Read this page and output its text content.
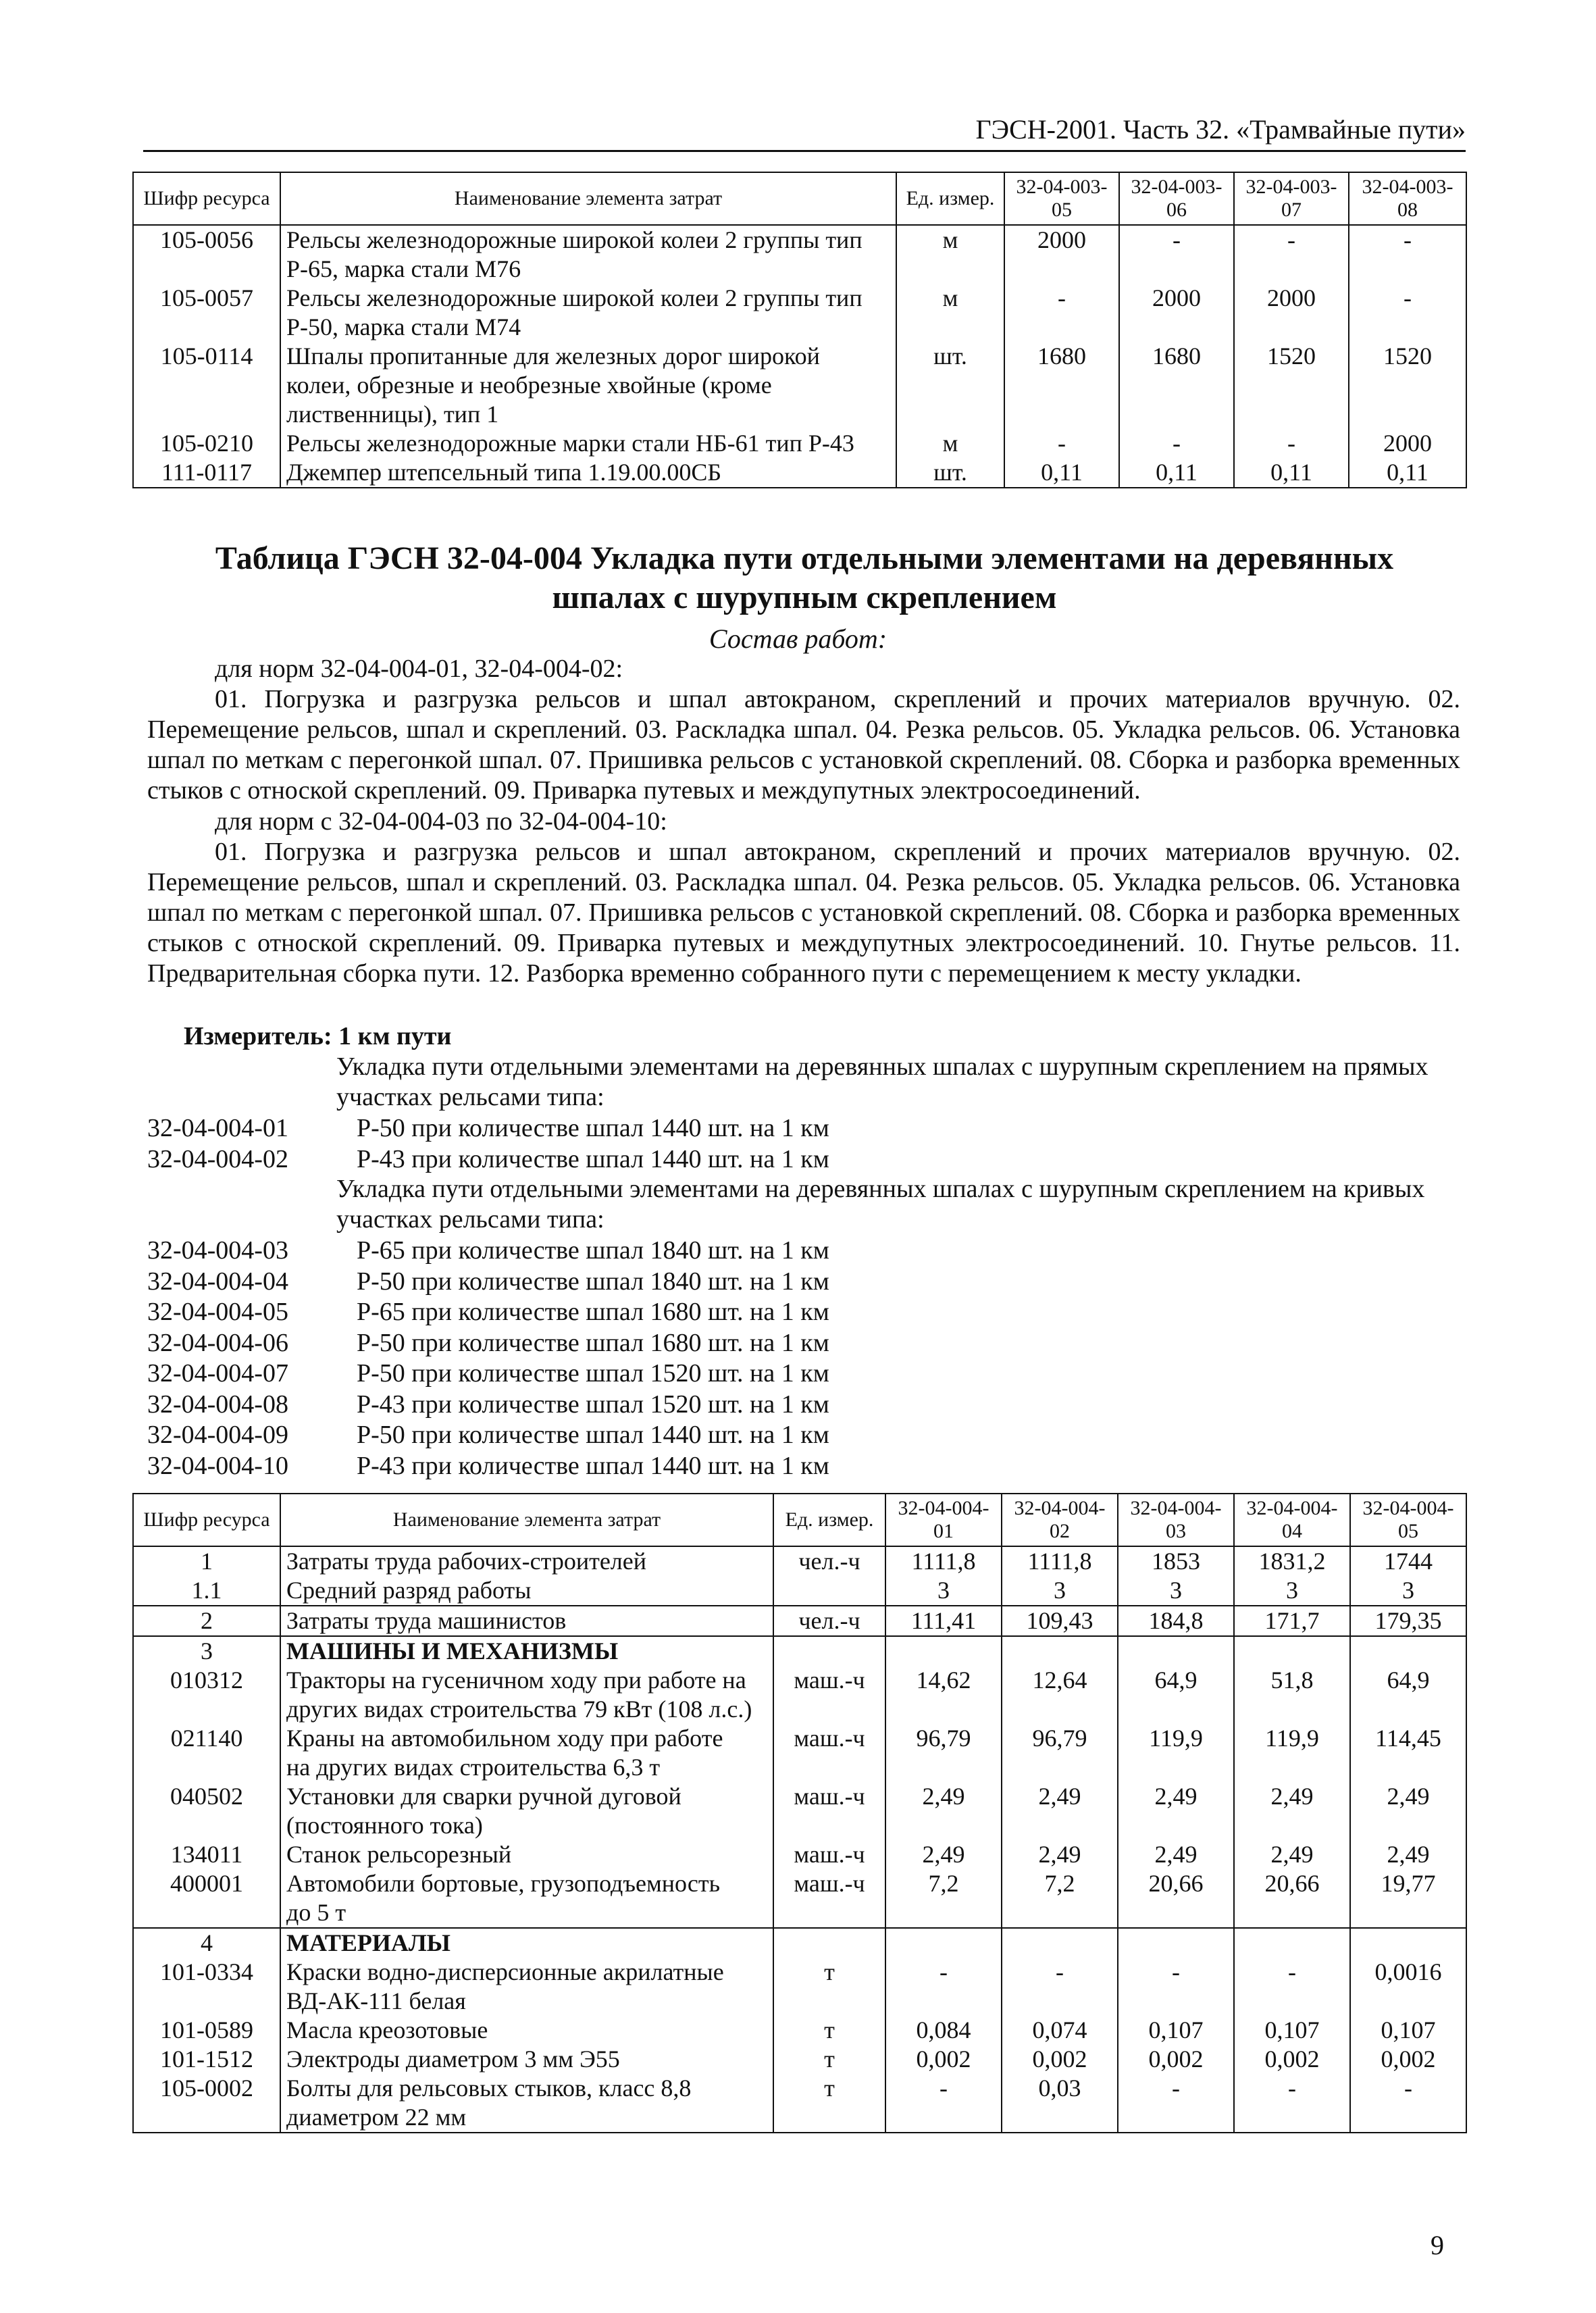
ГЭСН-2001. Часть 32. «Трамвайные пути»
Шифр ресурса	Наименование элемента затрат	Ед. измер.	32-04-003-05	32-04-003-06	32-04-003-07	32-04-003-08
105-0056	Рельсы железнодорожные широкой колеи 2 группы тип
Р-65, марка стали М76	м	2000	-	-	-
105-0057	Рельсы железнодорожные широкой колеи 2 группы тип
Р-50, марка стали М74	м	-	2000	2000	-
105-0114	Шпалы пропитанные для железных дорог широкой
колеи, обрезные и необрезные хвойные (кроме
лиственницы), тип 1	шт.	1680	1680	1520	1520
105-0210	Рельсы железнодорожные марки стали НБ-61 тип Р-43	м	-	-	-	2000
111-0117	Джемпер штепсельный типа 1.19.00.00СБ	шт.	0,11	0,11	0,11	0,11
Таблица ГЭСН 32-04-004 Укладка пути отдельными элементами на деревянных
шпалах с шурупным скреплением
Состав работ:
для норм 32-04-004-01, 32-04-004-02:
01. Погрузка и разгрузка рельсов и шпал автокраном, скреплений и прочих материалов вручную. 02. Перемещение рельсов, шпал и скреплений. 03. Раскладка шпал. 04. Резка рельсов. 05. Укладка рельсов. 06. Установка шпал по меткам с перегонкой шпал. 07. Пришивка рельсов с установкой скреплений. 08. Сборка и разборка временных стыков с отноской скреплений. 09. Приварка путевых и междупутных электросоединений.
для норм с 32-04-004-03 по 32-04-004-10:
01. Погрузка и разгрузка рельсов и шпал автокраном, скреплений и прочих материалов вручную. 02. Перемещение рельсов, шпал и скреплений. 03. Раскладка шпал. 04. Резка рельсов. 05. Укладка рельсов. 06. Установка шпал по меткам с перегонкой шпал. 07. Пришивка рельсов с установкой скреплений. 08. Сборка и разборка временных стыков с отноской скреплений. 09. Приварка путевых и междупутных электросоединений. 10. Гнутье рельсов. 11. Предварительная сборка пути. 12. Разборка временно собранного пути с перемещением к месту укладки.
Измеритель: 1 км пути
Укладка пути отдельными элементами на деревянных шпалах с шурупным скреплением на прямых участках рельсами типа:
32-04-004-01	Р-50 при количестве шпал 1440 шт. на 1 км
32-04-004-02	Р-43 при количестве шпал 1440 шт. на 1 км
Укладка пути отдельными элементами на деревянных шпалах с шурупным скреплением на кривых участках рельсами типа:
32-04-004-03	Р-65 при количестве шпал 1840 шт. на 1 км
32-04-004-04	Р-50 при количестве шпал 1840 шт. на 1 км
32-04-004-05	Р-65 при количестве шпал 1680 шт. на 1 км
32-04-004-06	Р-50 при количестве шпал 1680 шт. на 1 км
32-04-004-07	Р-50 при количестве шпал 1520 шт. на 1 км
32-04-004-08	Р-43 при количестве шпал 1520 шт. на 1 км
32-04-004-09	Р-50 при количестве шпал 1440 шт. на 1 км
32-04-004-10	Р-43 при количестве шпал 1440 шт. на 1 км
Шифр ресурса	Наименование элемента затрат	Ед. измер.	32-04-004-01	32-04-004-02	32-04-004-03	32-04-004-04	32-04-004-05
1	Затраты труда рабочих-строителей	чел.-ч	1111,8	1111,8	1853	1831,2	1744
1.1	Средний разряд работы		3	3	3	3	3
2	Затраты труда машинистов	чел.-ч	111,41	109,43	184,8	171,7	179,35
3	МАШИНЫ И МЕХАНИЗМЫ						
010312	Тракторы на гусеничном ходу при работе на
других видах строительства 79 кВт (108 л.с.)	маш.-ч	14,62	12,64	64,9	51,8	64,9
021140	Краны на автомобильном ходу при работе
на других видах строительства 6,3 т	маш.-ч	96,79	96,79	119,9	119,9	114,45
040502	Установки для сварки ручной дуговой
(постоянного тока)	маш.-ч	2,49	2,49	2,49	2,49	2,49
134011	Станок рельсорезный	маш.-ч	2,49	2,49	2,49	2,49	2,49
400001	Автомобили бортовые, грузоподъемность
до 5 т	маш.-ч	7,2	7,2	20,66	20,66	19,77
4	МАТЕРИАЛЫ						
101-0334	Краски водно-дисперсионные акрилатные
ВД-АК-111 белая	т	-	-	-	-	0,0016
101-0589	Масла креозотовые	т	0,084	0,074	0,107	0,107	0,107
101-1512	Электроды диаметром 3 мм Э55	т	0,002	0,002	0,002	0,002	0,002
105-0002	Болты для рельсовых стыков, класс 8,8
диаметром 22 мм	т	-	0,03	-	-	-
9
